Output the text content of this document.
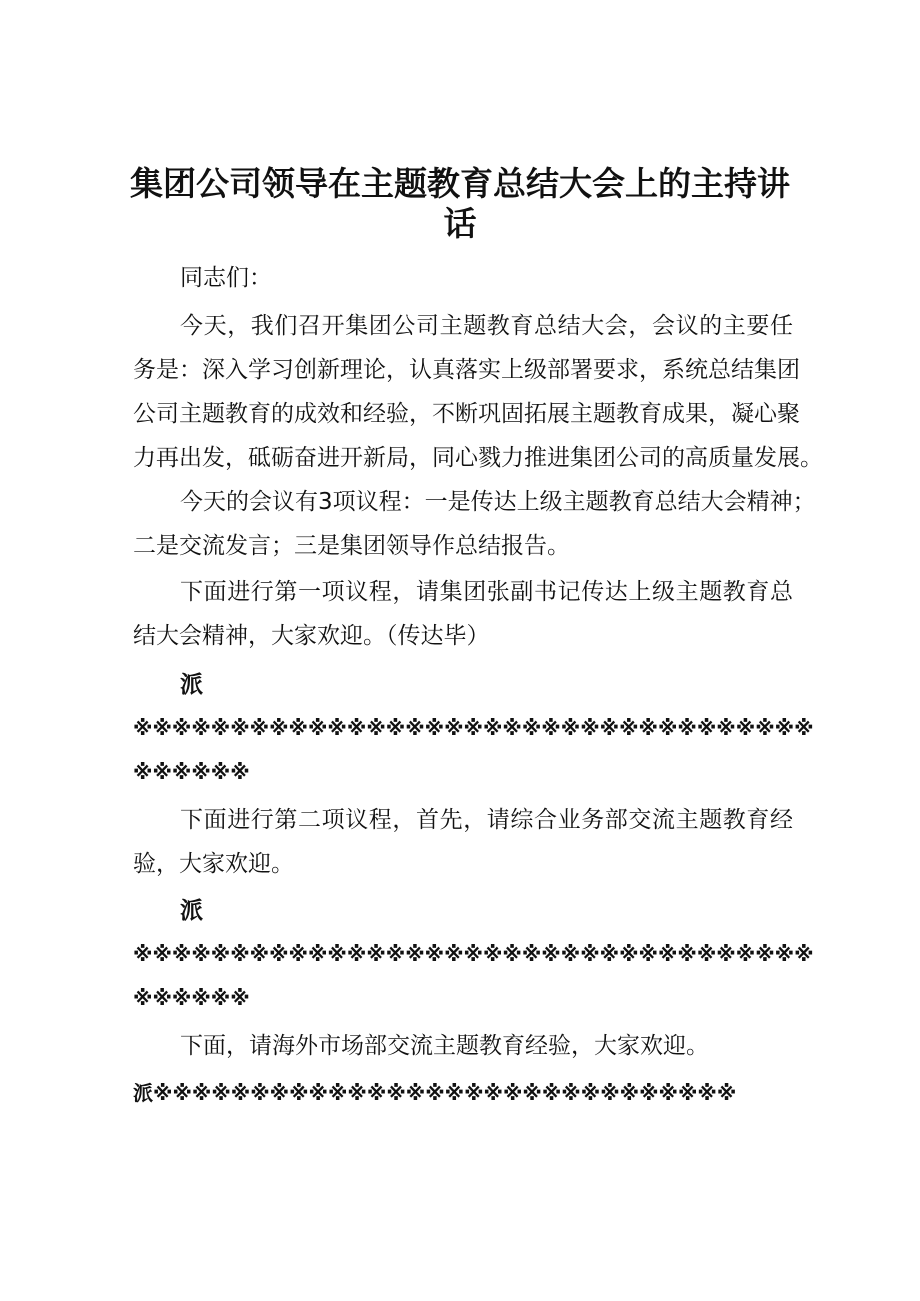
集团公司领导在主题教育总结大会上的主持讲
话
同志们：
今天，我们召开集团公司主题教育总结大会，会议的主要任
务是：深入学习创新理论，认真落实上级部署要求，系统总结集团
公司主题教育的成效和经验，不断巩固拓展主题教育成果，凝心聚
力再出发，砥砺奋进开新局，同心戮力推进集团公司的高质量发展。
今天的会议有3项议程：一是传达上级主题教育总结大会精神；
二是交流发言；三是集团领导作总结报告。
下面进行第一项议程，请集团张副书记传达上级主题教育总
结大会精神，大家欢迎。（传达毕）
派
※※※※※※※※※※※※※※※※※※※※※※※※※※※※※※※※※※※
※※※※※※
下面进行第二项议程，首先，请综合业务部交流主题教育经
验，大家欢迎。
派
※※※※※※※※※※※※※※※※※※※※※※※※※※※※※※※※※※※
※※※※※※
下面，请海外市场部交流主题教育经验，大家欢迎。
派※※※※※※※※※※※※※※※※※※※※※※※※※※※※※※
